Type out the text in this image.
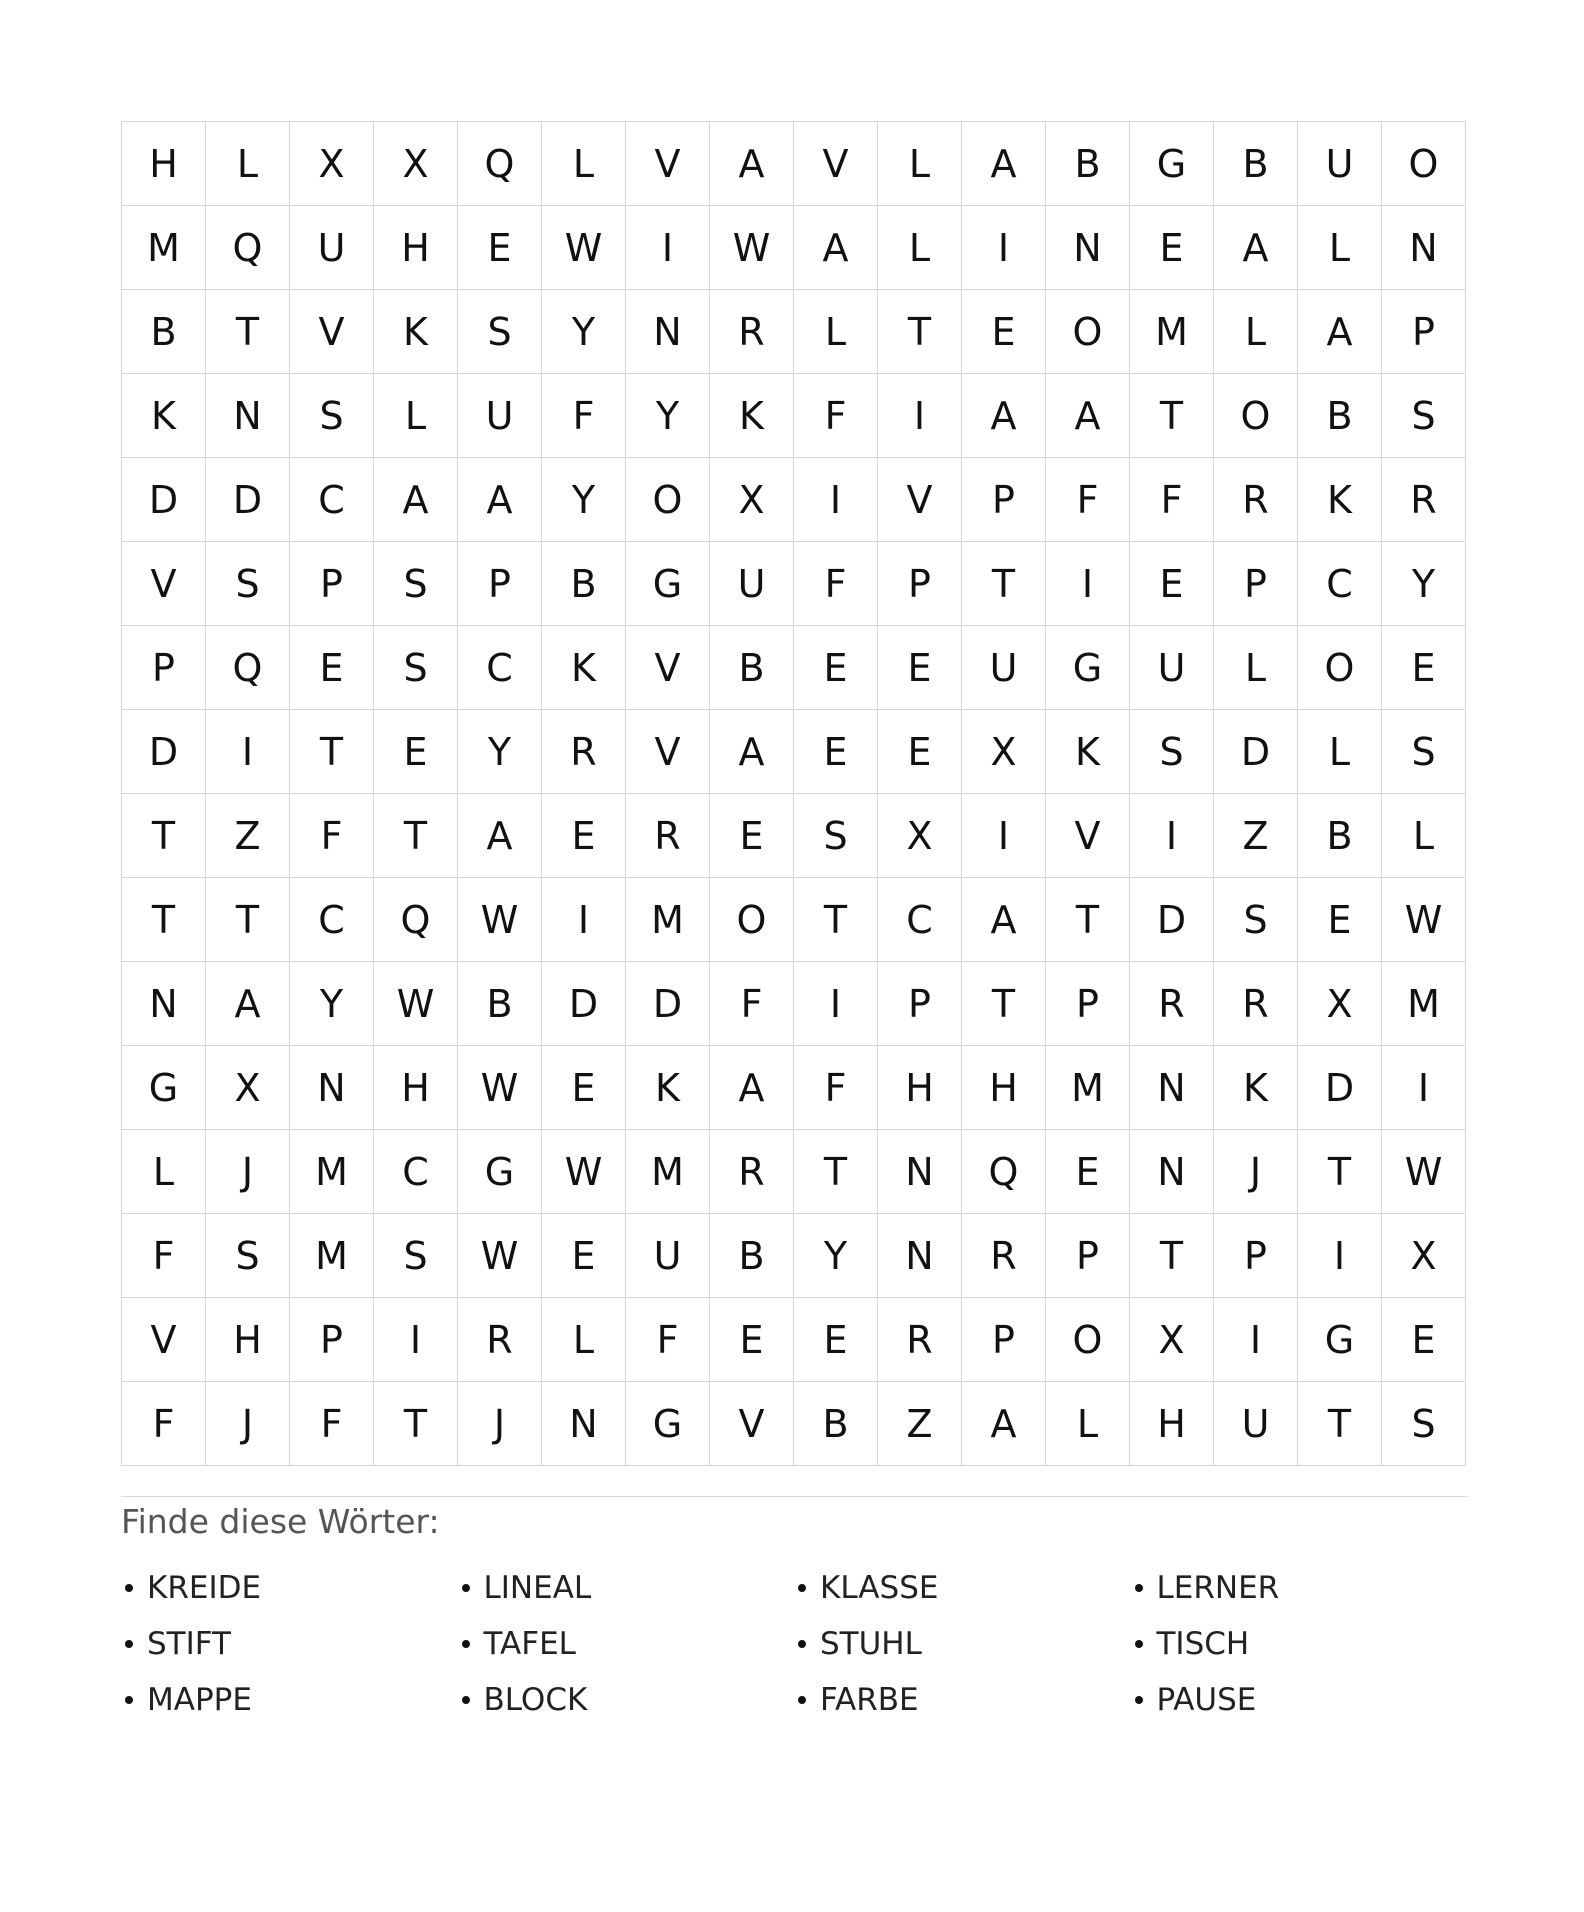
H	L	X	X	Q	L	V	A	V	L	A	B	G	B	U	O
M	Q	U	H	E	W	I	W	A	L	I	N	E	A	L	N
B	T	V	K	S	Y	N	R	L	T	E	O	M	L	A	P
K	N	S	L	U	F	Y	K	F	I	A	A	T	O	B	S
D	D	C	A	A	Y	O	X	I	V	P	F	F	R	K	R
V	S	P	S	P	B	G	U	F	P	T	I	E	P	C	Y
P	Q	E	S	C	K	V	B	E	E	U	G	U	L	O	E
D	I	T	E	Y	R	V	A	E	E	X	K	S	D	L	S
T	Z	F	T	A	E	R	E	S	X	I	V	I	Z	B	L
T	T	C	Q	W	I	M	O	T	C	A	T	D	S	E	W
N	A	Y	W	B	D	D	F	I	P	T	P	R	R	X	M
G	X	N	H	W	E	K	A	F	H	H	M	N	K	D	I
L	J	M	C	G	W	M	R	T	N	Q	E	N	J	T	W
F	S	M	S	W	E	U	B	Y	N	R	P	T	P	I	X
V	H	P	I	R	L	F	E	E	R	P	O	X	I	G	E
F	J	F	T	J	N	G	V	B	Z	A	L	H	U	T	S
Finde diese Wörter:
KREIDE	LINEAL	KLASSE	LERNER
STIFT	TAFEL	STUHL	TISCH
MAPPE	BLOCK	FARBE	PAUSE
